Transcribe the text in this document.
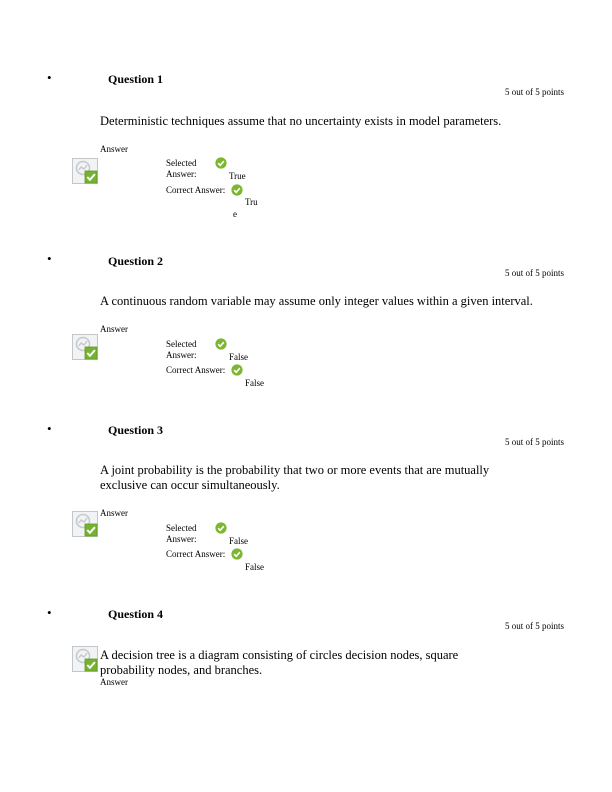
•	Question 1
5 out of 5 points
Deterministic techniques assume that no uncertainty exists in model parameters.
Answer
Selected
Answer:	True
Correct Answer:
Tru
e
•	Question 2
5 out of 5 points
A continuous random variable may assume only integer values within a given interval.
Answer
Selected
Answer:	False
Correct Answer:
False
•	Question 3
5 out of 5 points
A joint probability is the probability that two or more events that are mutually exclusive can occur simultaneously.
Answer
Selected
Answer:	False
Correct Answer:
False
•	Question 4
5 out of 5 points
A decision tree is a diagram consisting of circles decision nodes, square probability nodes, and branches.
Answer
